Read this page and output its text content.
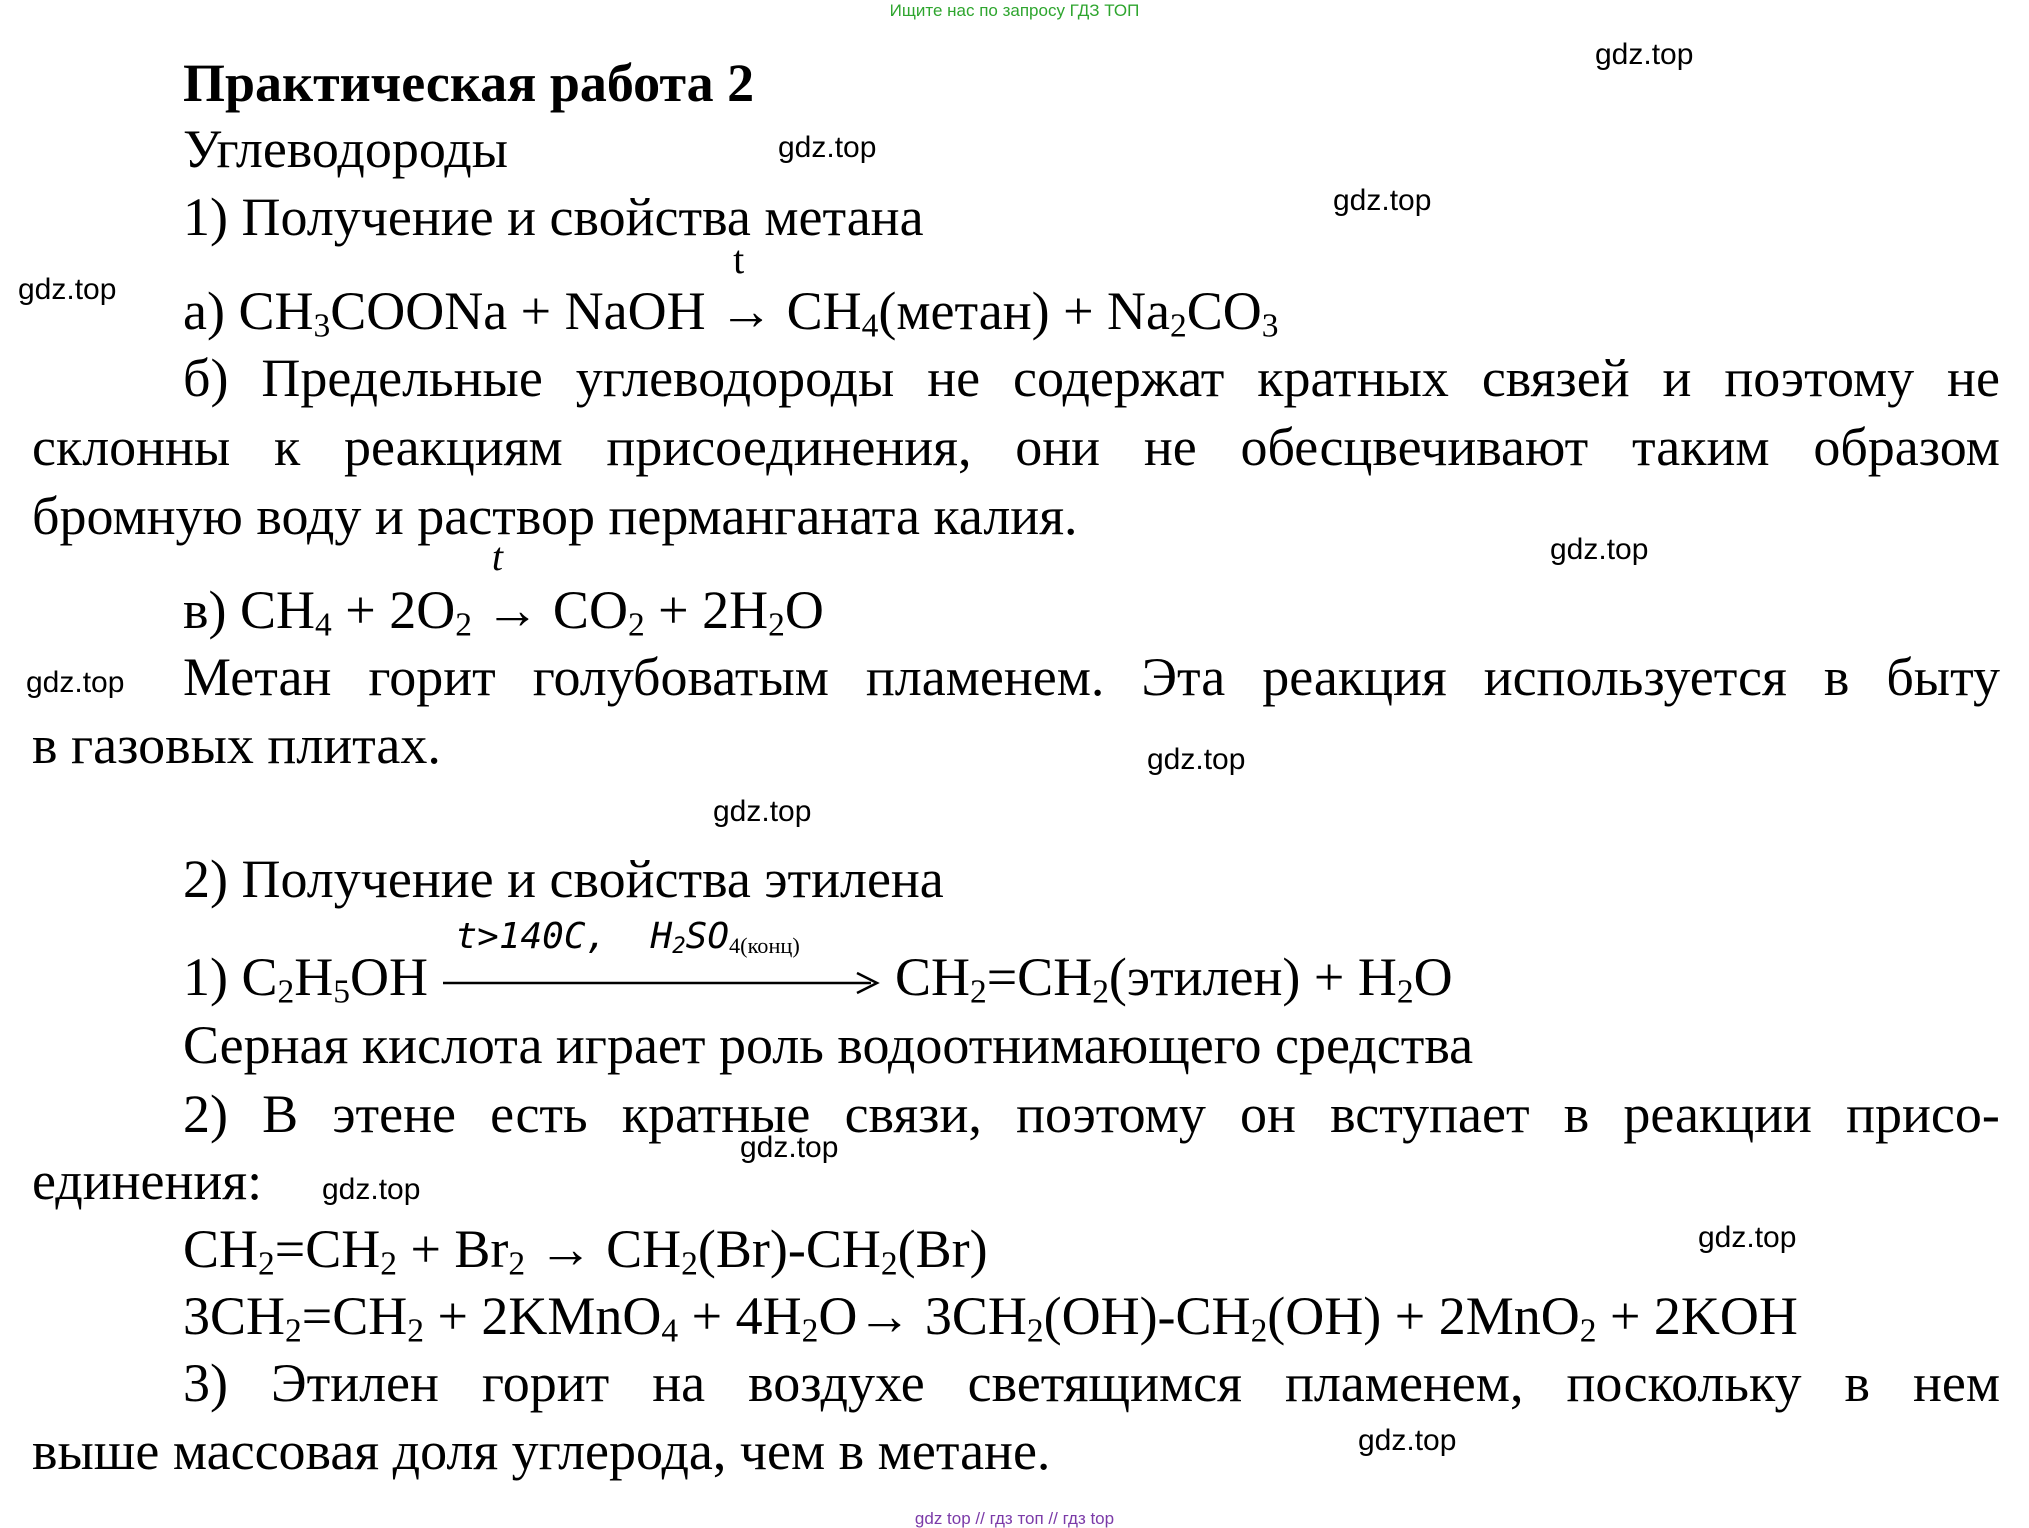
Ищите нас по запросу ГДЗ ТОП
gdz.top
gdz.top
gdz.top
gdz.top
gdz.top
gdz.top
gdz.top
gdz.top
gdz.top
gdz.top
gdz.top
gdz.top
Практическая работа 2
Углеводороды
1) Получение и свойства метана
а) $CH_3COONa$ + NaOH
t
→ $CH_4(метан) + Na_2CO_3$
б) Предельные углеводороды не содержат кратных связей и поэтому не
склонны к реакциям присоединения, они не обесцвечивают таким образом
бромную воду и раствор перманганата калия.
в) $CH_4 + 2O_2$
t
→ $CO_2 + 2H_2O$
Метан горит голубоватым пламенем. Эта реакция используется в быту
в газовых плитах.
2) Получение и свойства этилена
1) $C_2H_5OH$
t>140C,  $H_2SO_{4(конц)}$
$CH_2=CH_2(этилен) + H_2O$
Серная кислота играет роль водоотнимающего средства
2) В этене есть кратные связи, поэтому он вступает в реакции присо-
единения:
$CH_2=CH_2 + Br_2 \to CH_2(Br)-CH_2(Br)$
$3CH_2=CH_2$ + 2KMnO$_4$ + $4H_2O\to 3CH_2(OH)-CH_2(OH) + 2MnO_2 + 2KOH$
3) Этилен горит на воздухе светящимся пламенем, поскольку в нем
выше массовая доля углерода, чем в метане.
gdz top // гдз топ // гдз top
